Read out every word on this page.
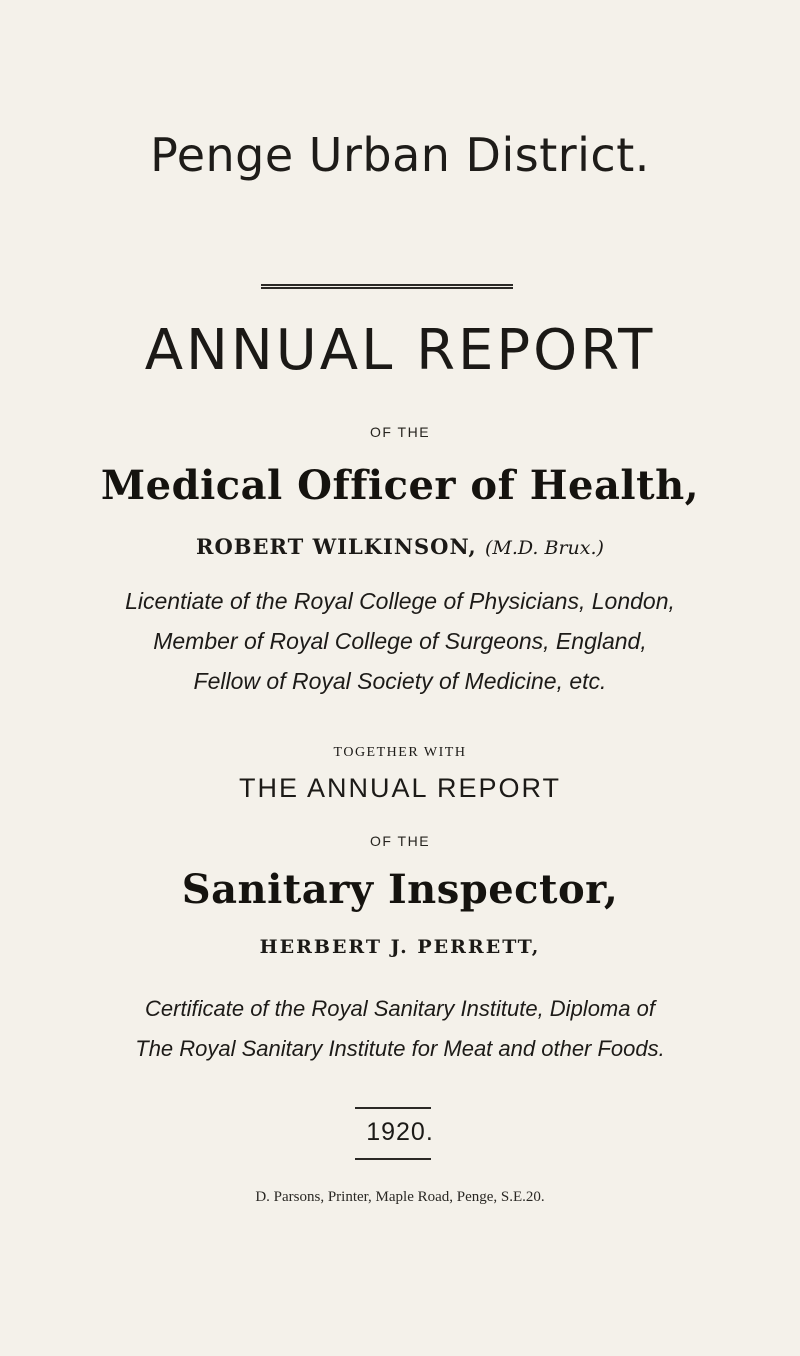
Penge Urban District.
ANNUAL REPORT
OF THE
Medical Officer of Health,
ROBERT WILKINSON, (M.D. Brux.)
Licentiate of the Royal College of Physicians, London,
Member of Royal College of Surgeons, England,
Fellow of Royal Society of Medicine, etc.
TOGETHER WITH
THE ANNUAL REPORT
OF THE
Sanitary Inspector,
HERBERT J. PERRETT,
Certificate of the Royal Sanitary Institute, Diploma of
The Royal Sanitary Institute for Meat and other Foods.
1920.
D. Parsons, Printer, Maple Road, Penge, S.E.20.
